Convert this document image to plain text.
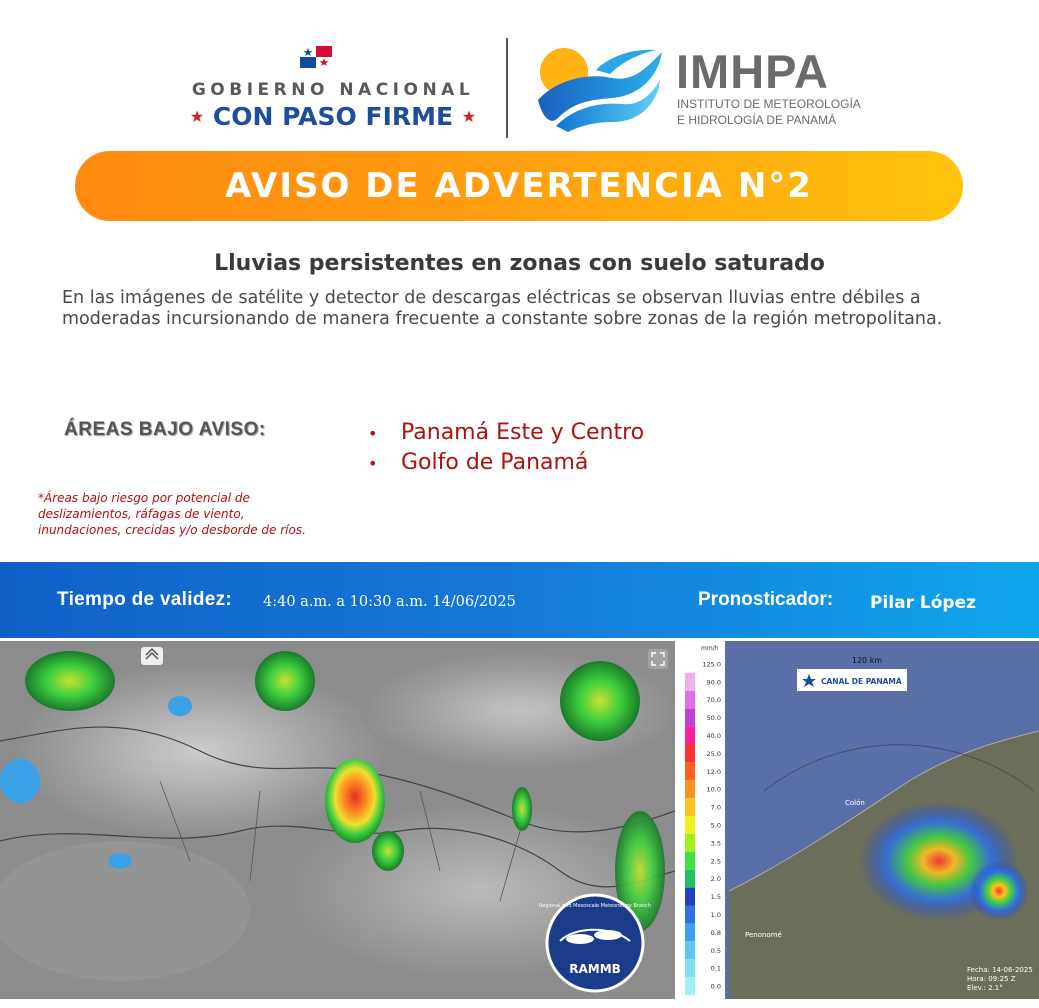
GOBIERNO NACIONAL
★ CON PASO FIRME ★
IMHPA
INSTITUTO DE METEOROLOGÍA
E HIDROLOGÍA DE PANAMÁ
AVISO DE ADVERTENCIA N°2
Lluvias persistentes en zonas con suelo saturado
En las imágenes de satélite y detector de descargas eléctricas se observan lluvias entre débiles a moderadas incursionando de manera frecuente a constante sobre zonas de la región metropolitana.
ÁREAS BAJO AVISO:	• Panamá Este y Centro
• Golfo de Panamá
*Áreas bajo riesgo por potencial de deslizamientos, ráfagas de viento, inundaciones, crecidas y/o desborde de ríos.
Tiempo de validez: 4:40 a.m. a 10:30 a.m. 14/06/2025	Pronosticador: Pilar López
RAMMB
Regional and Mesoscale Meteorology Branch
120 km
CANAL DE PANAMÁ
Colón
Penonomé
Fecha: 14-06-2025
Hora: 09:25 Z
Elev.: 2.1°
mm/h
125.0
90.0
70.0
50.0
40.0
25.0
12.0
10.0
7.0
5.0
3.5
2.5
2.0
1.5
1.0
0.8
0.5
0.1
0.0
